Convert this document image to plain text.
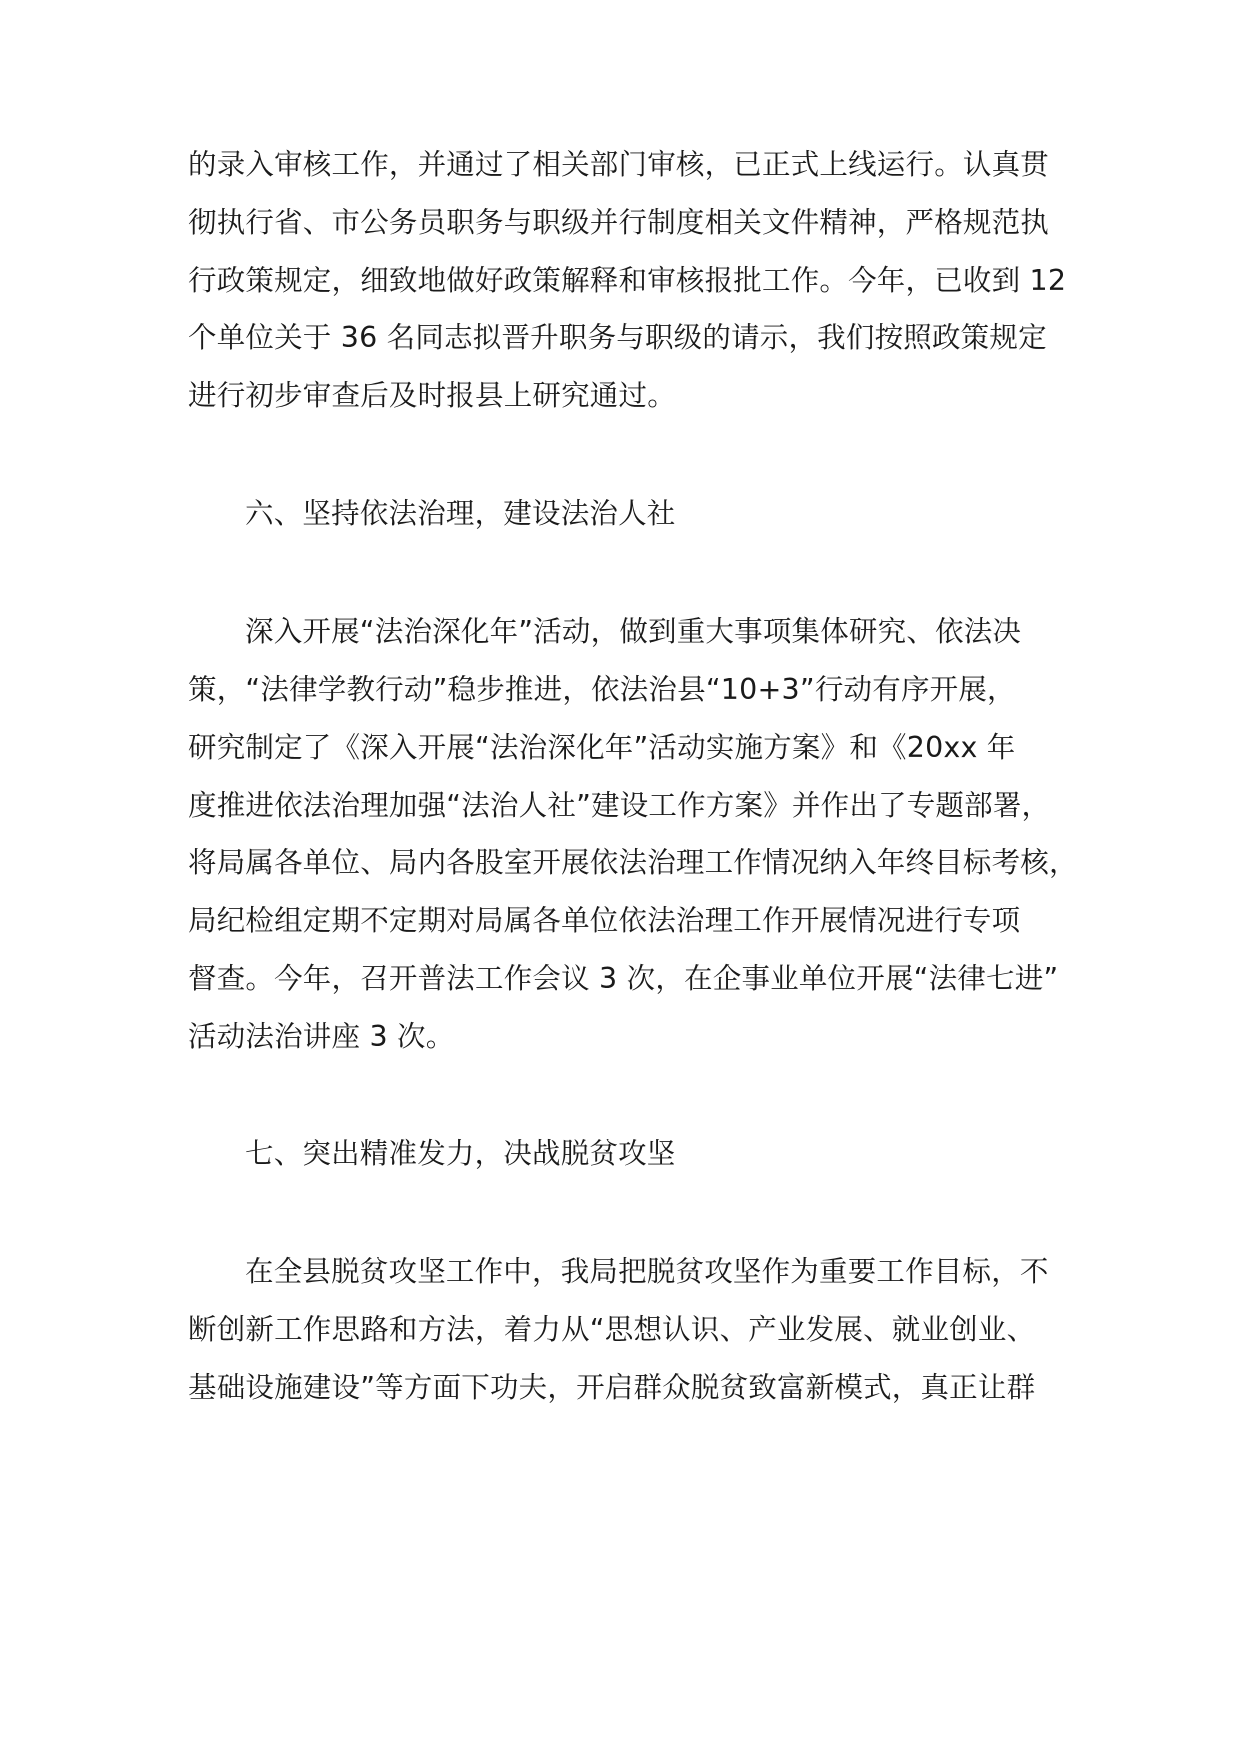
的录入审核工作，并通过了相关部门审核，已正式上线运行。认真贯
彻执行省、市公务员职务与职级并行制度相关文件精神，严格规范执
行政策规定，细致地做好政策解释和审核报批工作。今年，已收到 12
个单位关于 36 名同志拟晋升职务与职级的请示，我们按照政策规定
进行初步审查后及时报县上研究通过。
六、坚持依法治理，建设法治人社
深入开展“法治深化年”活动，做到重大事项集体研究、依法决
策，“法律学教行动”稳步推进，依法治县“10+3”行动有序开展，
研究制定了《深入开展“法治深化年”活动实施方案》和《20xx 年
度推进依法治理加强“法治人社”建设工作方案》并作出了专题部署，
将局属各单位、局内各股室开展依法治理工作情况纳入年终目标考核，
局纪检组定期不定期对局属各单位依法治理工作开展情况进行专项
督查。今年，召开普法工作会议 3 次，在企事业单位开展“法律七进”
活动法治讲座 3 次。
七、突出精准发力，决战脱贫攻坚
在全县脱贫攻坚工作中，我局把脱贫攻坚作为重要工作目标，不
断创新工作思路和方法，着力从“思想认识、产业发展、就业创业、
基础设施建设”等方面下功夫，开启群众脱贫致富新模式，真正让群
